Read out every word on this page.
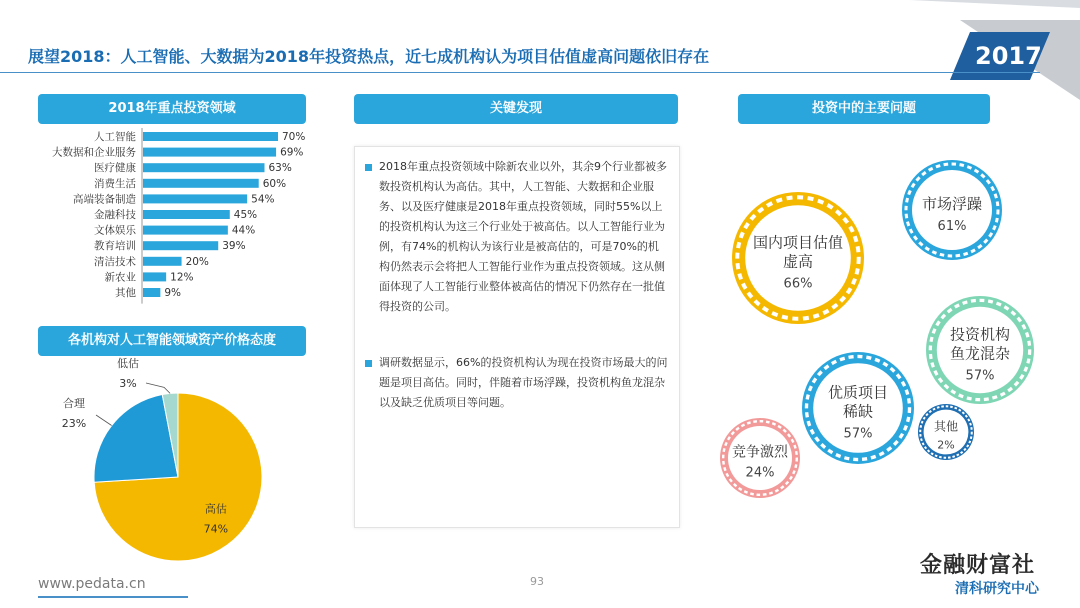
2017
展望2018：人工智能、大数据为2018年投资热点，近七成机构认为项目估值虚高问题依旧存在
2018年重点投资领域
人工智能	70%
大数据和企业服务	69%
医疗健康	63%
消费生活	60%
高端装备制造	54%
金融科技	45%
文体娱乐	44%
教育培训	39%
清洁技术	20%
新农业	12%
其他	9%
各机构对人工智能领域资产价格态度
高估
74%
合理
23%
低估
3%
关键发现
2018年重点投资领域中除新农业以外，其余9个行业都被多数投资机构认为高估。其中，人工智能、大数据和企业服务、以及医疗健康是2018年重点投资领域，同时55%以上的投资机构认为这三个行业处于被高估。以人工智能行业为例，有74%的机构认为该行业是被高估的，可是70%的机构仍然表示会将把人工智能行业作为重点投资领域。这从侧面体现了人工智能行业整体被高估的情况下仍然存在一批值得投资的公司。
调研数据显示，66%的投资机构认为现在投资市场最大的问题是项目高估。同时，伴随着市场浮躁，投资机构鱼龙混杂以及缺乏优质项目等问题。
投资中的主要问题
国内项目估值
虚高
66%
市场浮躁
61%
投资机构
鱼龙混杂
57%
优质项目
稀缺
57%	其他
2%
竞争激烈
24%
www.pedata.cn	93
金融财富社
清科研究中心
